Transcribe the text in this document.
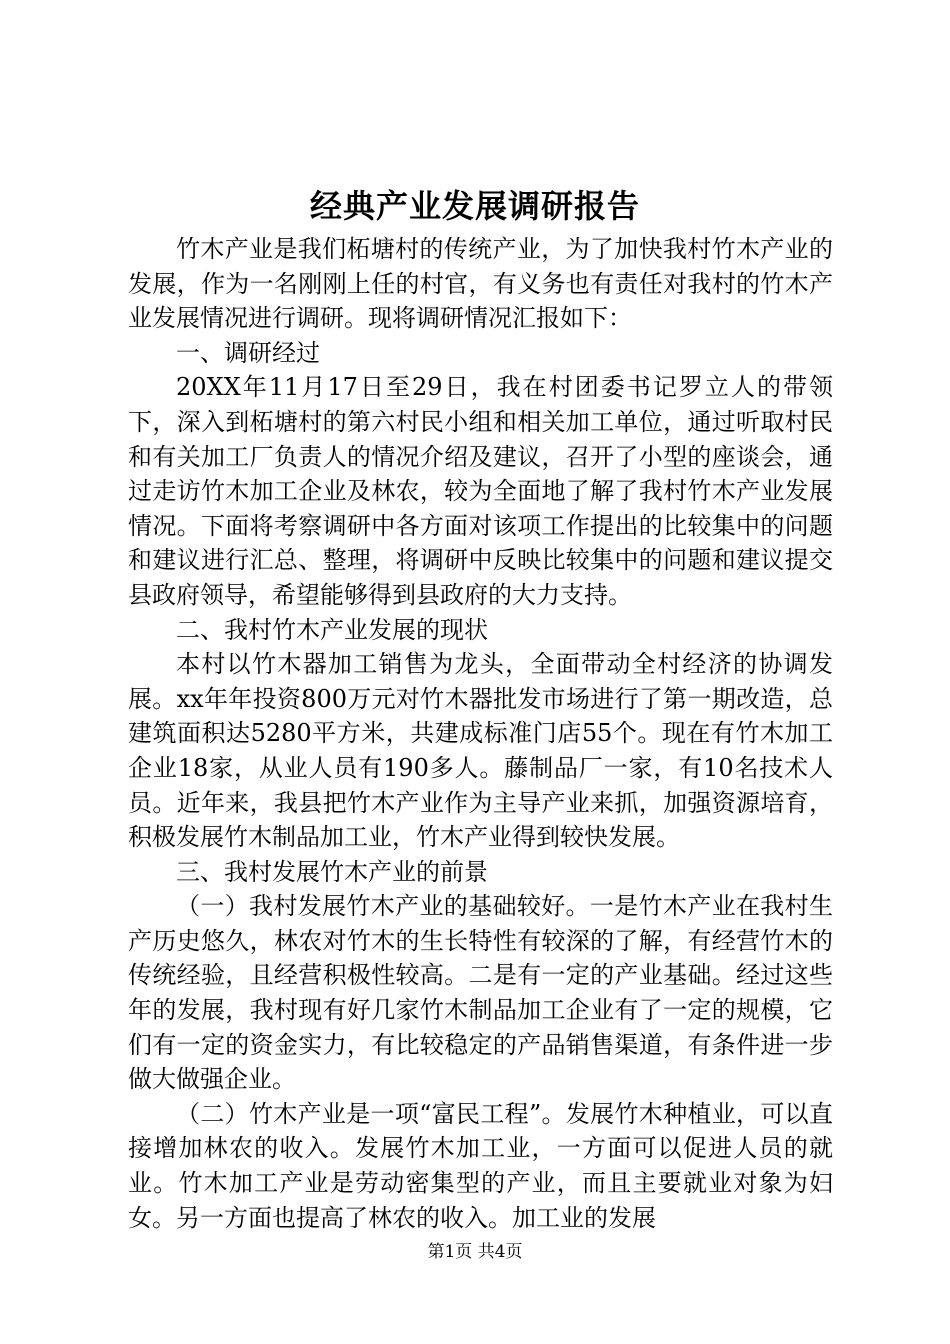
经典产业发展调研报告

竹木产业是我们柘塘村的传统产业，为了加快我村竹木产业的发展，作为一名刚刚上任的村官，有义务也有责任对我村的竹木产业发展情况进行调研。现将调研情况汇报如下：

一、调研经过

20XX年11月17日至29日，我在村团委书记罗立人的带领下，深入到柘塘村的第六村民小组和相关加工单位，通过听取村民和有关加工厂负责人的情况介绍及建议，召开了小型的座谈会，通过走访竹木加工企业及林农，较为全面地了解了我村竹木产业发展情况。下面将考察调研中各方面对该项工作提出的比较集中的问题和建议进行汇总、整理，将调研中反映比较集中的问题和建议提交县政府领导，希望能够得到县政府的大力支持。

二、我村竹木产业发展的现状

本村以竹木器加工销售为龙头，全面带动全村经济的协调发展。xx年年投资800万元对竹木器批发市场进行了第一期改造，总建筑面积达5280平方米，共建成标准门店55个。现在有竹木加工企业18家，从业人员有190多人。藤制品厂一家，有10名技术人员。近年来，我县把竹木产业作为主导产业来抓，加强资源培育，积极发展竹木制品加工业，竹木产业得到较快发展。

三、我村发展竹木产业的前景

（一）我村发展竹木产业的基础较好。一是竹木产业在我村生产历史悠久，林农对竹木的生长特性有较深的了解，有经营竹木的传统经验，且经营积极性较高。二是有一定的产业基础。经过这些年的发展，我村现有好几家竹木制品加工企业有了一定的规模，它们有一定的资金实力，有比较稳定的产品销售渠道，有条件进一步做大做强企业。

（二）竹木产业是一项“富民工程”。发展竹木种植业，可以直接增加林农的收入。发展竹木加工业，一方面可以促进人员的就业。竹木加工产业是劳动密集型的产业，而且主要就业对象为妇女。另一方面也提高了林农的收入。加工业的发展

第1页 共4页
